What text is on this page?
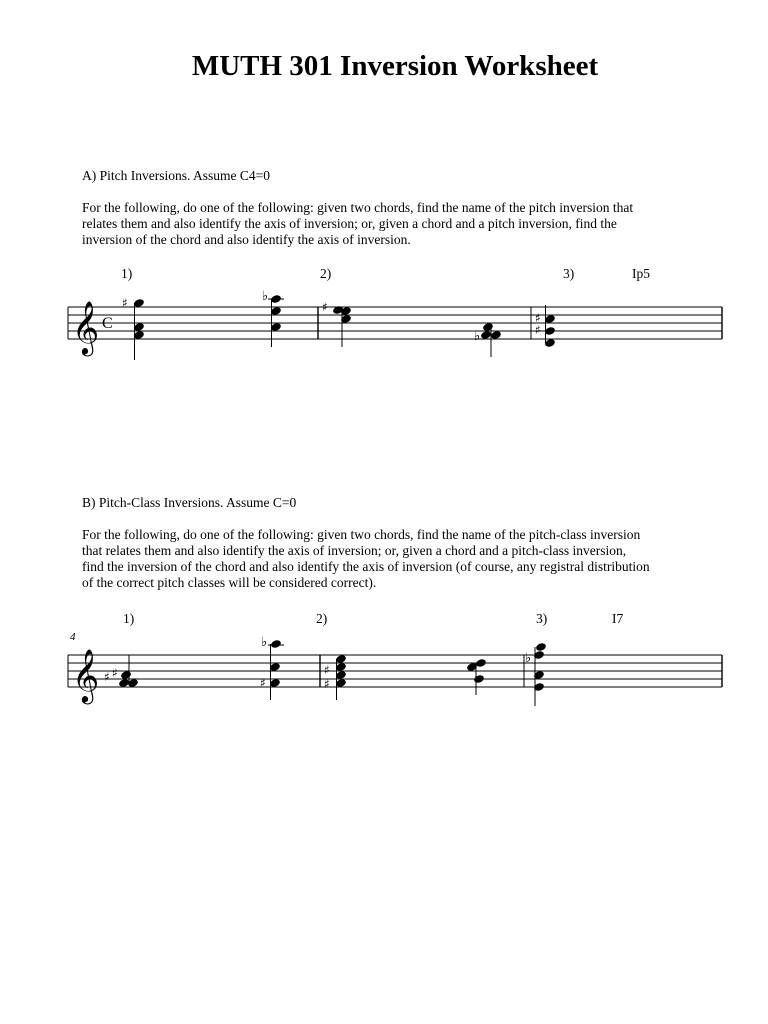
MUTH 301 Inversion Worksheet
A) Pitch Inversions. Assume C4=0
For the following, do one of the following: given two chords, find the name of the pitch inversion that
relates them and also identify the axis of inversion; or, given a chord and a pitch inversion, find the
inversion of the chord and also identify the axis of inversion.
1)	2)	3)	Ip5
𝄞 C
♯	♭
♯
♭
♯
♯
B) Pitch-Class Inversions. Assume C=0
For the following, do one of the following: given two chords, find the name of the pitch-class inversion
that relates them and also identify the axis of inversion; or, given a chord and a pitch-class inversion,
find the inversion of the chord and also identify the axis of inversion (of course, any registral distribution
of the correct pitch classes will be considered correct).
4
1)	2)	3)	I7
𝄞 ♯ ♯
♭
♯
♯
♯
♭
